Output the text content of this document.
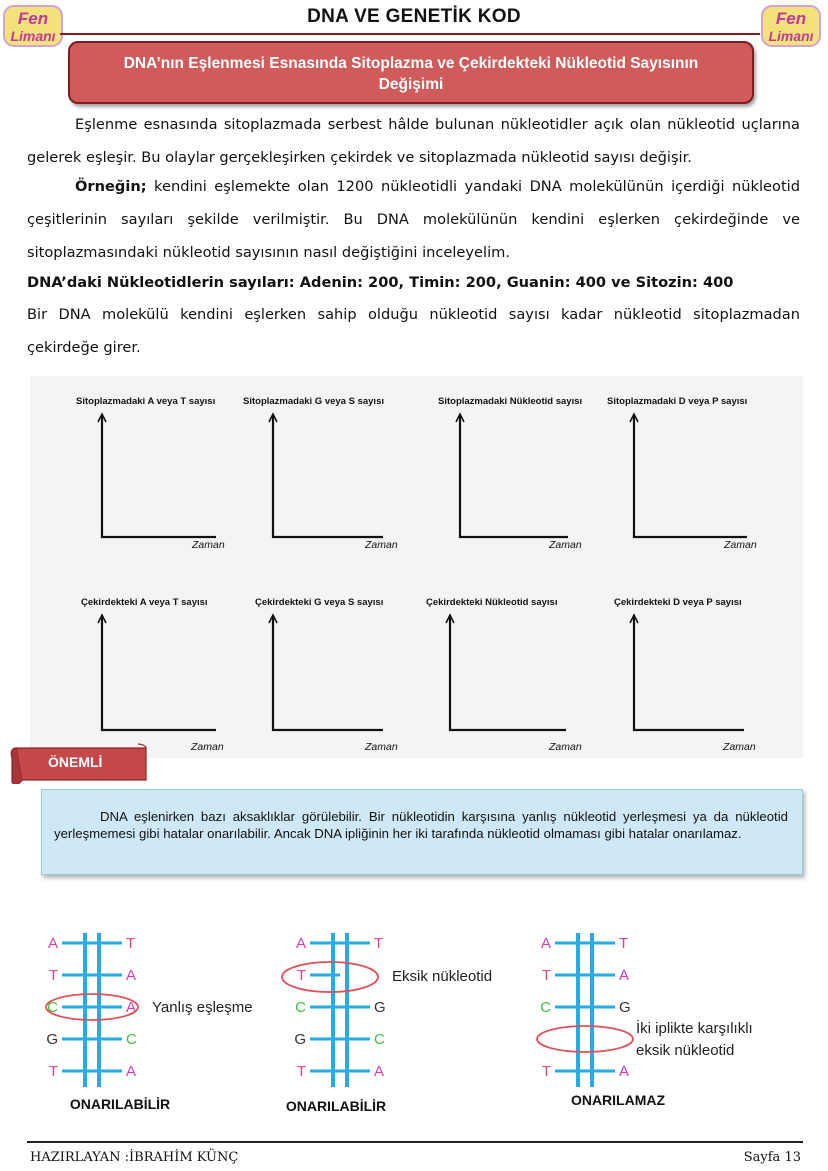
Fen
Limanı
Fen
Limanı
DNA VE GENETİK KOD
DNA’nın Eşlenmesi Esnasında Sitoplazma ve Çekirdekteki Nükleotid Sayısının
Değişimi
Eşlenme esnasında sitoplazmada serbest hâlde bulunan nükleotidler açık olan nükleotid uçlarına gelerek eşleşir. Bu olaylar gerçekleşirken çekirdek ve sitoplazmada nükleotid sayısı değişir.
Örneğin; kendini eşlemekte olan 1200 nükleotidli yandaki DNA molekülünün içerdiği nükleotid çeşitlerinin sayıları şekilde verilmiştir. Bu DNA molekülünün kendini eşlerken çekirdeğinde ve sitoplazmasındaki nükleotid sayısının nasıl değiştiğini inceleyelim.
DNA’daki Nükleotidlerin sayıları: Adenin: 200, Timin: 200, Guanin: 400 ve Sitozin: 400
Bir DNA molekülü kendini eşlerken sahip olduğu nükleotid sayısı kadar nükleotid sitoplazmadan çekirdeğe girer.
Sitoplazmadaki A veya T sayısı
Zaman
Sitoplazmadaki G veya S sayısı
Zaman
Sitoplazmadaki Nükleotid sayısı
Zaman
Sitoplazmadaki D veya P sayısı
Zaman
Çekirdekteki A veya T sayısı
Zaman
Çekirdekteki G veya S sayısı
Zaman
Çekirdekteki Nükleotid sayısı
Zaman
Çekirdekteki D veya P sayısı
Zaman
ÖNEMLİ
DNA eşlenirken bazı aksaklıklar görülebilir. Bir nükleotidin karşısına yanlış nükleotid yerleşmesi ya da nükleotid yerleşmemesi gibi hatalar onarılabilir. Ancak DNA ipliğinin her iki tarafında nükleotid olmaması gibi hatalar onarılamaz.
A	T
T	A
C	A
G	C
T	A
A	T
T
C	G
G	C
T	A
A	T
T	A
C	G
T	A
Yanlış eşleşme
Eksik nükleotid
İki iplikte karşılıklı
eksik nükleotid
ONARILABİLİR	ONARILABİLİR	ONARILAMAZ
HAZIRLAYAN :İBRAHİM KÜNÇ	Sayfa 13
